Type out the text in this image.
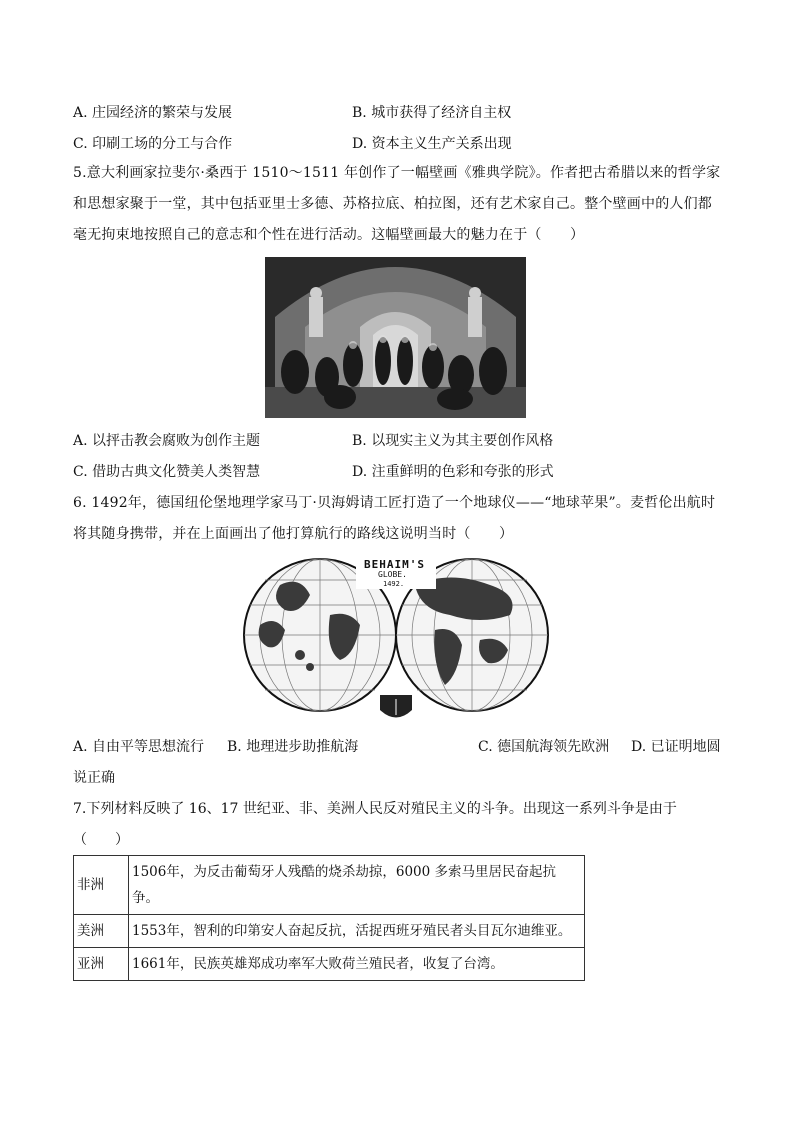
A. 庄园经济的繁荣与发展	B. 城市获得了经济自主权
C. 印刷工场的分工与合作	D. 资本主义生产关系出现
5.意大利画家拉斐尔·桑西于 1510～1511 年创作了一幅壁画《雅典学院》。作者把古希腊以来的哲学家和思想家聚于一堂，其中包括亚里士多德、苏格拉底、柏拉图，还有艺术家自己。整个壁画中的人们都毫无拘束地按照自己的意志和个性在进行活动。这幅壁画最大的魅力在于（　　）
A. 以抨击教会腐败为创作主题	B. 以现实主义为其主要创作风格
C. 借助古典文化赞美人类智慧	D. 注重鲜明的色彩和夸张的形式
6. 1492年，德国纽伦堡地理学家马丁·贝海姆请工匠打造了一个地球仪——“地球苹果”。麦哲伦出航时将其随身携带，并在上面画出了他打算航行的路线这说明当时（　　）
BEHAIM'S
GLOBE.
1492.
A. 自由平等思想流行 B. 地理进步助推航海	C. 德国航海领先欧洲 D. 已证明地圆
说正确
7.下列材料反映了 16、17 世纪亚、非、美洲人民反对殖民主义的斗争。出现这一系列斗争是由于
（　　）
非洲	1506年，为反击葡萄牙人残酷的烧杀劫掠，6000 多索马里居民奋起抗争。
美洲	1553年，智利的印第安人奋起反抗，活捉西班牙殖民者头目瓦尔迪维亚。
亚洲	1661年，民族英雄郑成功率军大败荷兰殖民者，收复了台湾。
